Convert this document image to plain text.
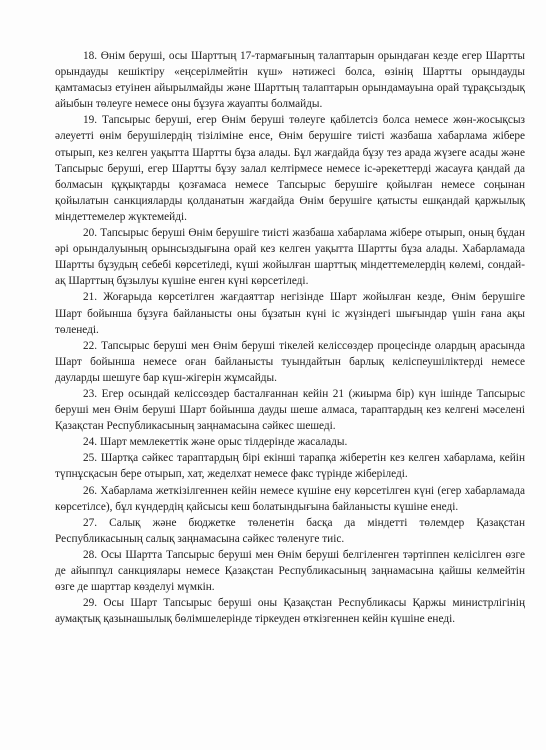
18. Өнім беруші, осы Шарттың 17-тармағының талаптарын орындаған кезде егер Шартты орындауды кешіктіру «еңсерілмейтін күш» нәтижесі болса, өзінің Шартты орындауды қамтамасыз етуінен айырылмайды және Шарттың талаптарын орындамауына орай тұрақсыздық айыбын төлеуге немесе оны бұзуға жауапты болмайды.

19. Тапсырыс беруші, егер Өнім беруші төлеуге қабілетсіз болса немесе жөн-жосықсыз әлеуетті өнім берушілердің тізіліміне енсе, Өнім берушіге тиісті жазбаша хабарлама жібере отырып, кез келген уақытта Шартты бұза алады. Бұл жағдайда бұзу тез арада жүзеге асады және Тапсырыс беруші, егер Шартты бұзу залал келтірмесе немесе іс-әрекеттерді жасауға қандай да болмасын құқықтарды қозғамаса немесе Тапсырыс берушіге қойылған немесе соңынан қойылатын санкцияларды қолданатын жағдайда Өнім берушіге қатысты ешқандай қаржылық міндеттемелер жүктемейді.

20. Тапсырыс беруші Өнім берушіге тиісті жазбаша хабарлама жібере отырып, оның бұдан әрі орындалуының орынсыздығына орай кез келген уақытта Шартты бұза алады. Хабарламада Шартты бұзудың себебі көрсетіледі, күші жойылған шарттық міндеттемелердің көлемі, сондай-ақ Шарттың бұзылуы күшіне енген күні көрсетіледі.

21. Жоғарыда көрсетілген жағдаяттар негізінде Шарт жойылған кезде, Өнім берушіге Шарт бойынша бұзуға байланысты оны бұзатын күні іс жүзіндегі шығындар үшін ғана ақы төленеді.

22. Тапсырыс беруші мен Өнім беруші тікелей келіссөздер процесінде олардың арасында Шарт бойынша немесе оған байланысты туындайтын барлық келіспеушіліктерді немесе дауларды шешуге бар күш-жігерін жұмсайды.

23. Егер осындай келіссөздер басталғаннан кейін 21 (жиырма бір) күн ішінде Тапсырыс беруші мен Өнім беруші Шарт бойынша дауды шеше алмаса, тараптардың кез келгені мәселені Қазақстан Республикасының заңнамасына сәйкес шешеді.

24. Шарт мемлекеттік және орыс тілдерінде жасалады.

25. Шартқа сәйкес тараптардың бірі екінші тарапқа жіберетін кез келген хабарлама, кейін түпнұсқасын бере отырып, хат, жеделхат немесе факс түрінде жіберіледі.

26. Хабарлама жеткізілгеннен кейін немесе күшіне ену көрсетілген күні (егер хабарламада көрсетілсе), бұл күндердің қайсысы кеш болатындығына байланысты күшіне енеді.

27. Салық және бюджетке төленетін басқа да міндетті төлемдер Қазақстан Республикасының салық заңнамасына сәйкес төленуге тиіс.

28. Осы Шартта Тапсырыс беруші мен Өнім беруші белгіленген тәртіппен келісілген өзге де айыппұл санкциялары немесе Қазақстан Республикасының заңнамасына қайшы келмейтін өзге де шарттар көзделуі мүмкін.

29. Осы Шарт Тапсырыс беруші оны Қазақстан Республикасы Қаржы министрлігінің аумақтық қазынашылық бөлімшелерінде тіркеуден өткізгеннен кейін күшіне енеді.
